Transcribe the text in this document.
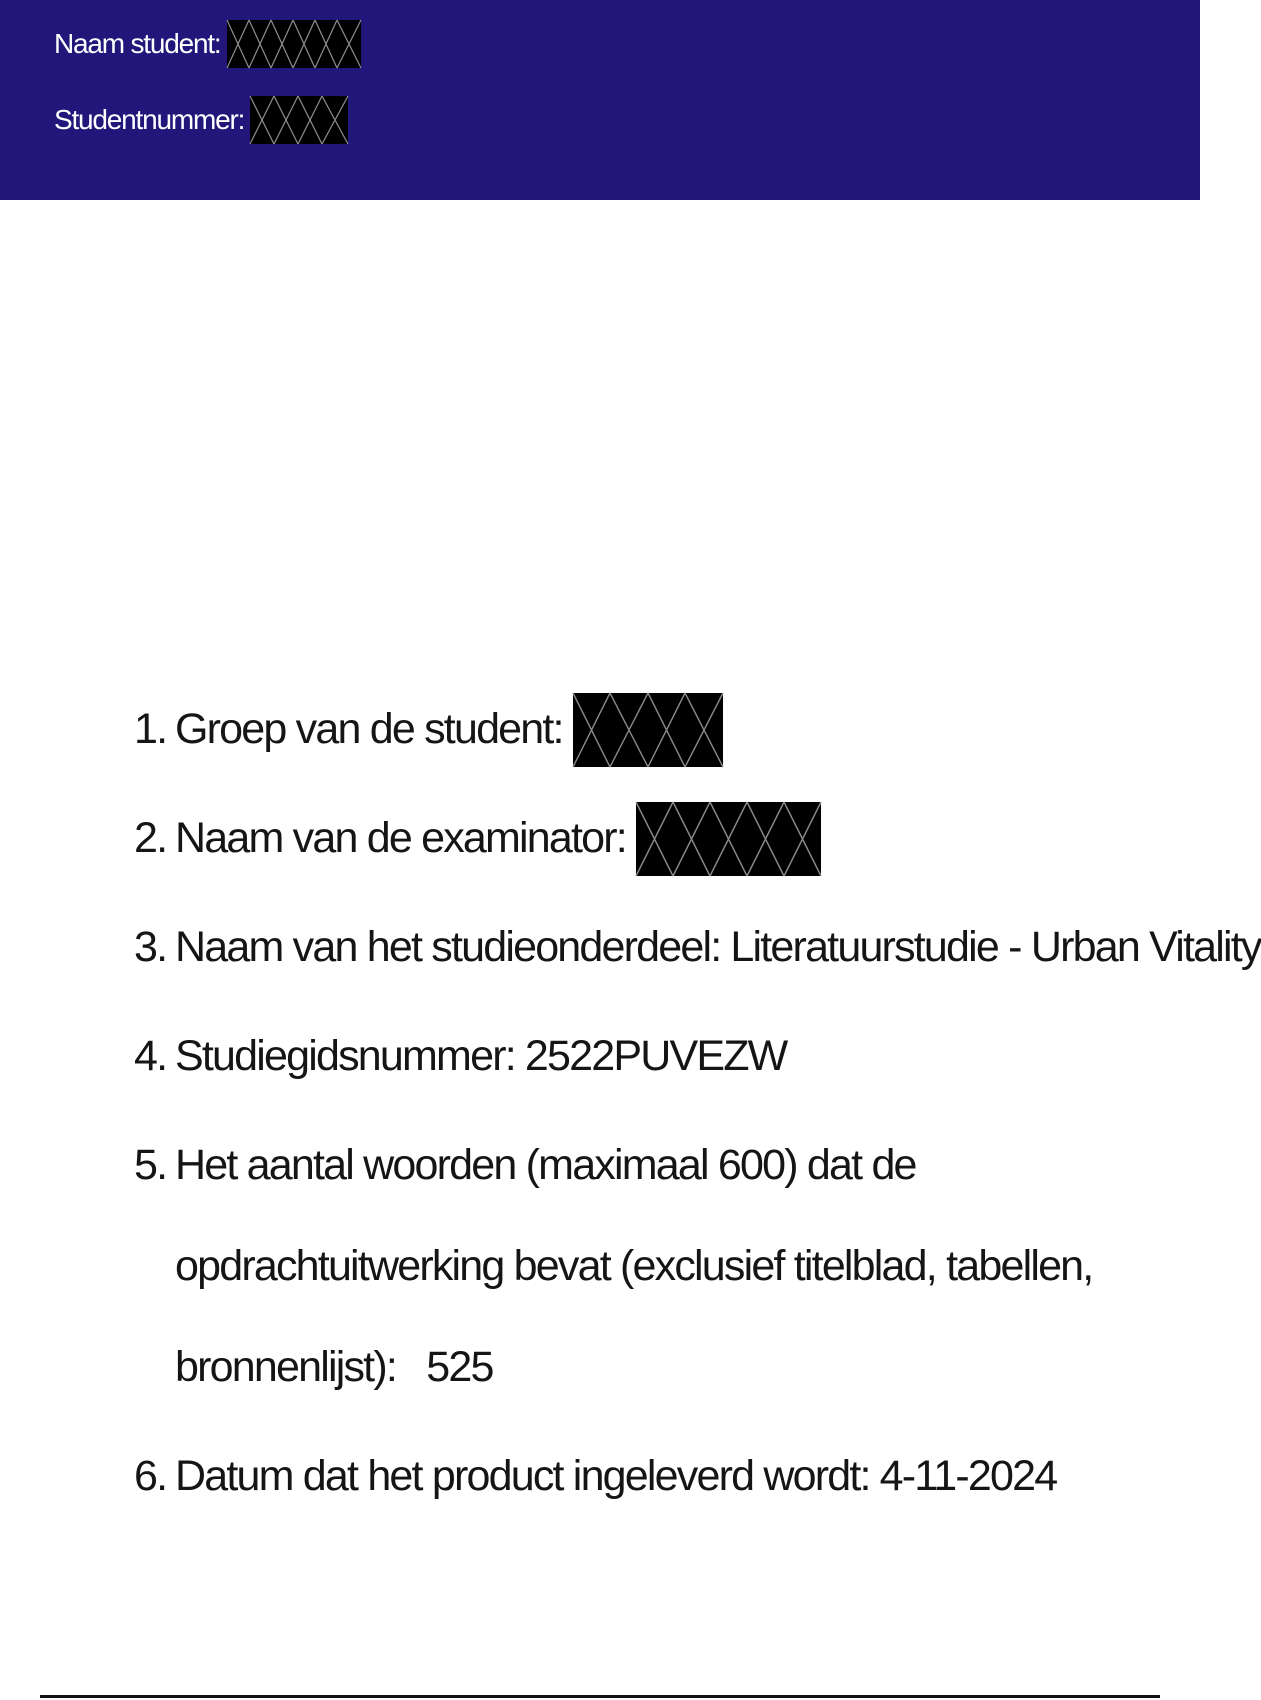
Naam student:
Studentnummer:
1. Groep van de student:
2. Naam van de examinator:
3. Naam van het studieonderdeel: Literatuurstudie - Urban Vitality
4. Studiegidsnummer: 2522PUVEZW
5. Het aantal woorden (maximaal 600) dat de opdrachtuitwerking bevat (exclusief titelblad, tabellen, bronnenlijst): 525
6. Datum dat het product ingeleverd wordt: 4-11-2024
